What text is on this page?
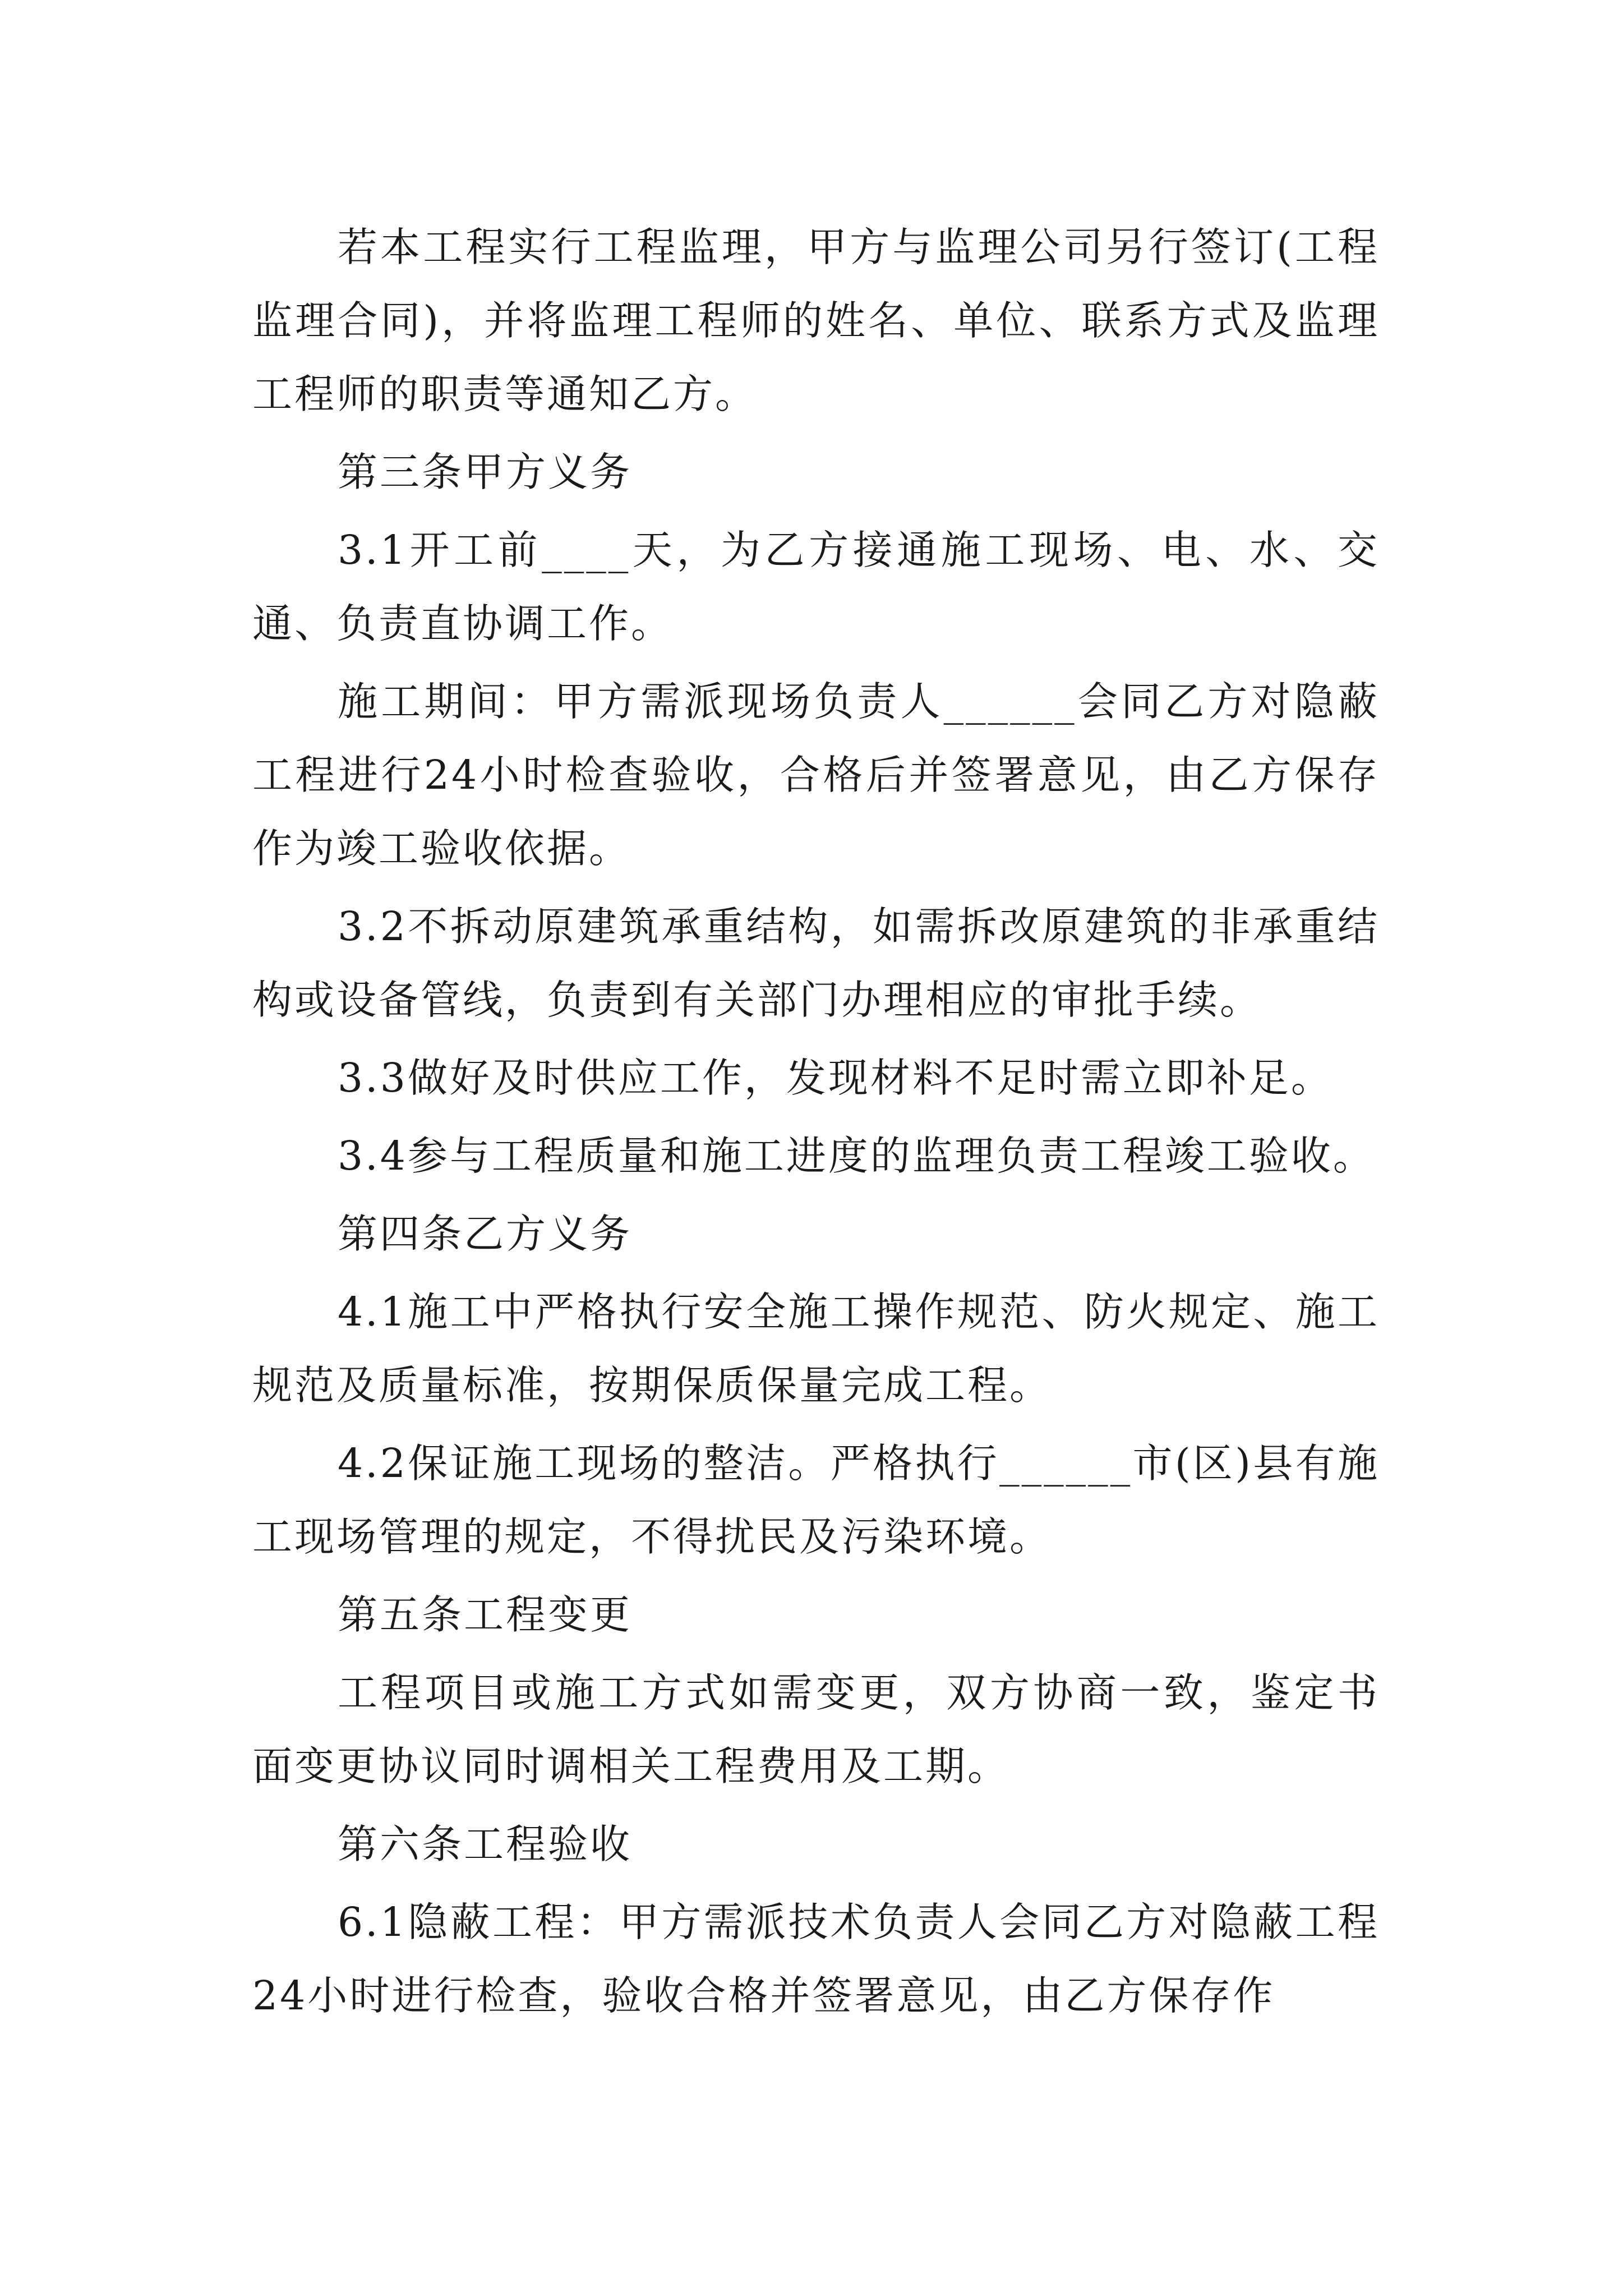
若本工程实行工程监理，甲方与监理公司另行签订(工程监理合同)，并将监理工程师的姓名、单位、联系方式及监理工程师的职责等通知乙方。

第三条甲方义务

3.1开工前____天，为乙方接通施工现场、电、水、交通、负责直协调工作。

施工期间：甲方需派现场负责人______会同乙方对隐蔽工程进行24小时检查验收，合格后并签署意见，由乙方保存作为竣工验收依据。

3.2不拆动原建筑承重结构，如需拆改原建筑的非承重结构或设备管线，负责到有关部门办理相应的审批手续。

3.3做好及时供应工作，发现材料不足时需立即补足。

3.4参与工程质量和施工进度的监理负责工程竣工验收。

第四条乙方义务

4.1施工中严格执行安全施工操作规范、防火规定、施工规范及质量标准，按期保质保量完成工程。

4.2保证施工现场的整洁。严格执行______市(区)县有施工现场管理的规定，不得扰民及污染环境。

第五条工程变更

工程项目或施工方式如需变更，双方协商一致，鉴定书面变更协议同时调相关工程费用及工期。

第六条工程验收

6.1隐蔽工程：甲方需派技术负责人会同乙方对隐蔽工程24小时进行检查，验收合格并签署意见，由乙方保存作
